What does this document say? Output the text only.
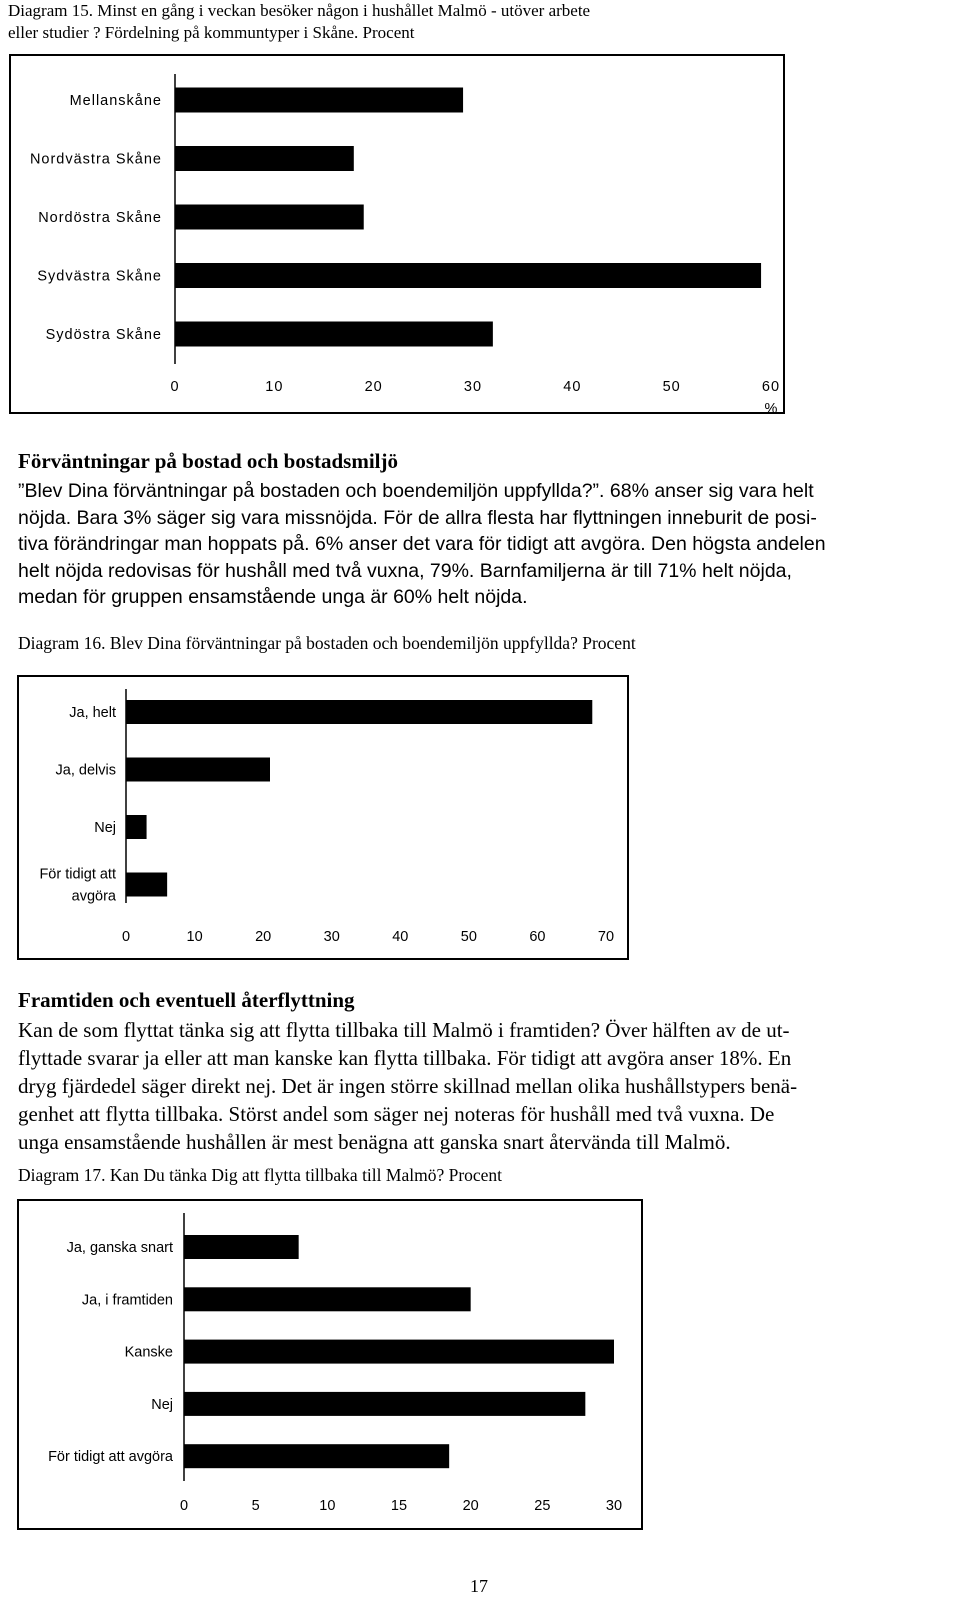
Diagram 15. Minst en gång i veckan besöker någon i hushållet Malmö - utöver arbete
eller studier ? Fördelning på kommuntyper i Skåne. Procent
Mellanskåne
Nordvästra Skåne
Nordöstra Skåne
Sydvästra Skåne
Sydöstra Skåne
0	10	20	30	40	50	60
%
Förväntningar på bostad och bostadsmiljö
”Blev Dina förväntningar på bostaden och boendemiljön uppfyllda?”. 68% anser sig vara helt
nöjda. Bara 3% säger sig vara missnöjda. För de allra flesta har flyttningen inneburit de posi-
tiva förändringar man hoppats på. 6% anser det vara för tidigt att avgöra. Den högsta andelen
helt nöjda redovisas för hushåll med två vuxna, 79%. Barnfamiljerna är till 71% helt nöjda,
medan för gruppen ensamstående unga är 60% helt nöjda.
Diagram 16. Blev Dina förväntningar på bostaden och boendemiljön uppfyllda? Procent
Ja, helt
Ja, delvis
Nej
För tidigt att
avgöra
0	10	20	30	40	50	60	70
Framtiden och eventuell återflyttning
Kan de som flyttat tänka sig att flytta tillbaka till Malmö i framtiden? Över hälften av de ut-
flyttade svarar ja eller att man kanske kan flytta tillbaka. För tidigt att avgöra anser 18%. En
dryg fjärdedel säger direkt nej. Det är ingen större skillnad mellan olika hushållstypers benä-
genhet att flytta tillbaka. Störst andel som säger nej noteras för hushåll med två vuxna. De
unga ensamstående hushållen är mest benägna att ganska snart återvända till Malmö.
Diagram 17. Kan Du tänka Dig att flytta tillbaka till Malmö? Procent
Ja, ganska snart
Ja, i framtiden
Kanske
Nej
För tidigt att avgöra
0	5	10	15	20	25	30
17
